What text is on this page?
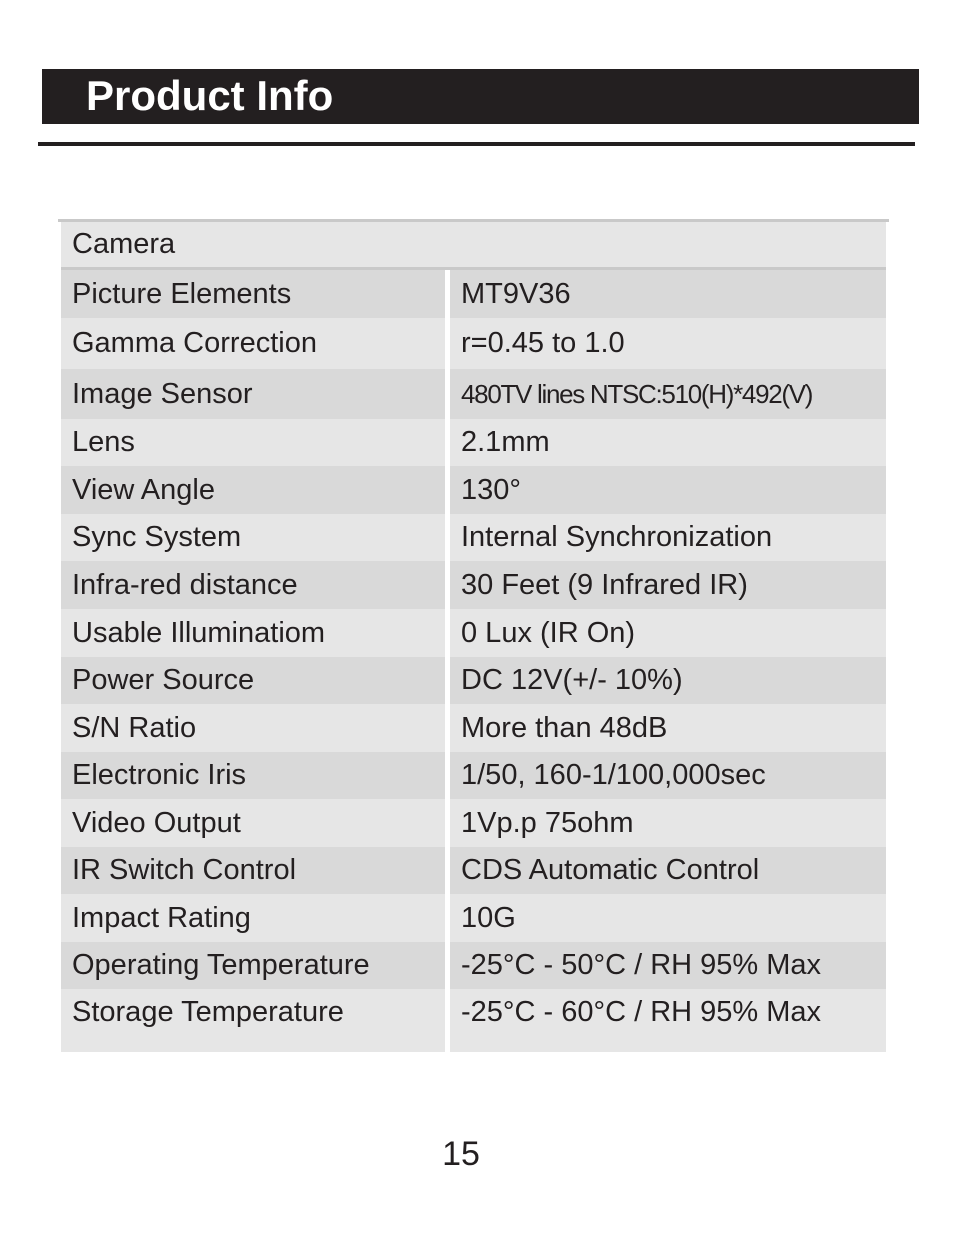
Product Info
Camera
Picture Elements	MT9V36
Gamma Correction	r=0.45 to 1.0
Image Sensor	480TV lines NTSC:510(H)*492(V)
Lens	2.1mm
View Angle	130°
Sync System	Internal Synchronization
Infra-red distance	30 Feet (9 Infrared IR)
Usable Illuminatiom	0 Lux (IR On)
Power Source	DC 12V(+/- 10%)
S/N Ratio	More than 48dB
Electronic Iris	1/50, 160-1/100,000sec
Video Output	1Vp.p 75ohm
IR Switch Control	CDS Automatic Control
Impact Rating	10G
Operating Temperature	-25°C - 50°C / RH 95% Max
Storage Temperature	-25°C - 60°C / RH 95% Max
15
